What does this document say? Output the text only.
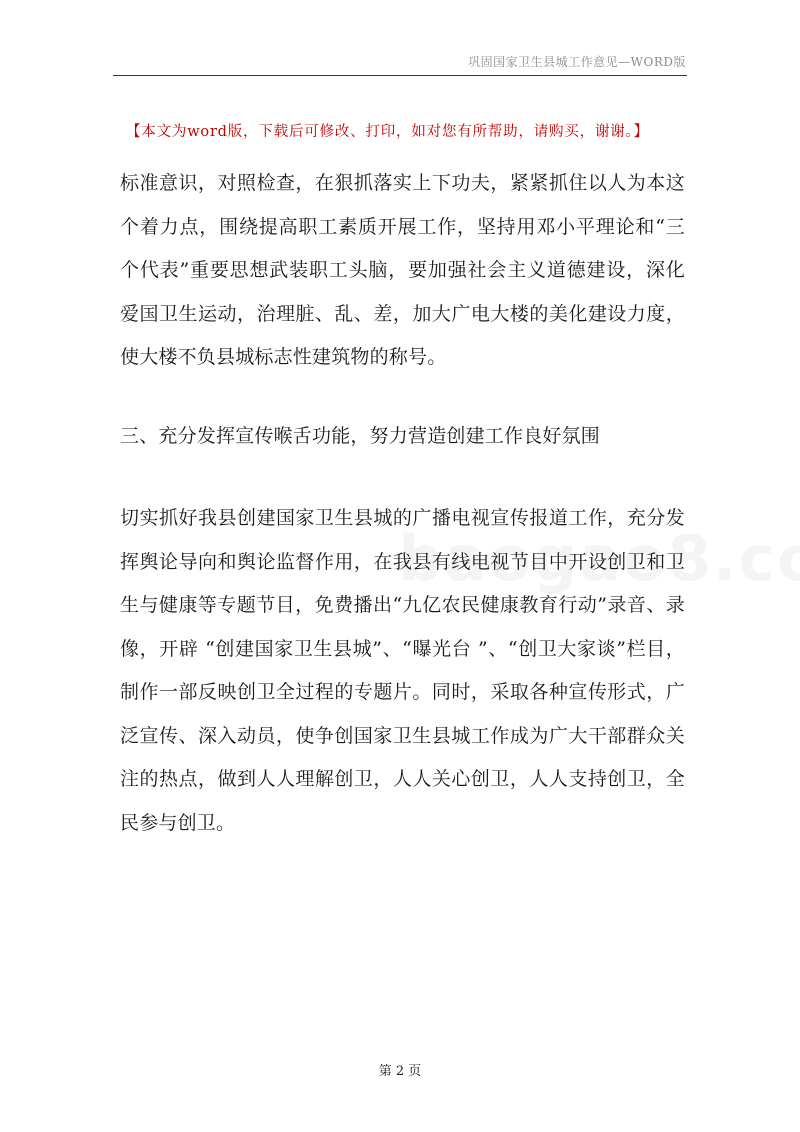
巩固国家卫生县城工作意见—WORD版
【本文为word版，下载后可修改、打印，如对您有所帮助，请购买，谢谢。】

标准意识，对照检查，在狠抓落实上下功夫，紧紧抓住以人为本这个着力点，围绕提高职工素质开展工作，坚持用邓小平理论和“三个代表”重要思想武装职工头脑，要加强社会主义道德建设，深化爱国卫生运动，治理脏、乱、差，加大广电大楼的美化建设力度，使大楼不负县城标志性建筑物的称号。

三、充分发挥宣传喉舌功能，努力营造创建工作良好氛围

切实抓好我县创建国家卫生县城的广播电视宣传报道工作，充分发挥舆论导向和舆论监督作用，在我县有线电视节目中开设创卫和卫生与健康等专题节目，免费播出“九亿农民健康教育行动”录音、录像，开辟 “创建国家卫生县城”、“曝光台 ”、“创卫大家谈”栏目，制作一部反映创卫全过程的专题片。同时，采取各种宣传形式，广泛宣传、深入动员，使争创国家卫生县城工作成为广大干部群众关注的热点，做到人人理解创卫，人人关心创卫，人人支持创卫，全民参与创卫。

第 2 页
